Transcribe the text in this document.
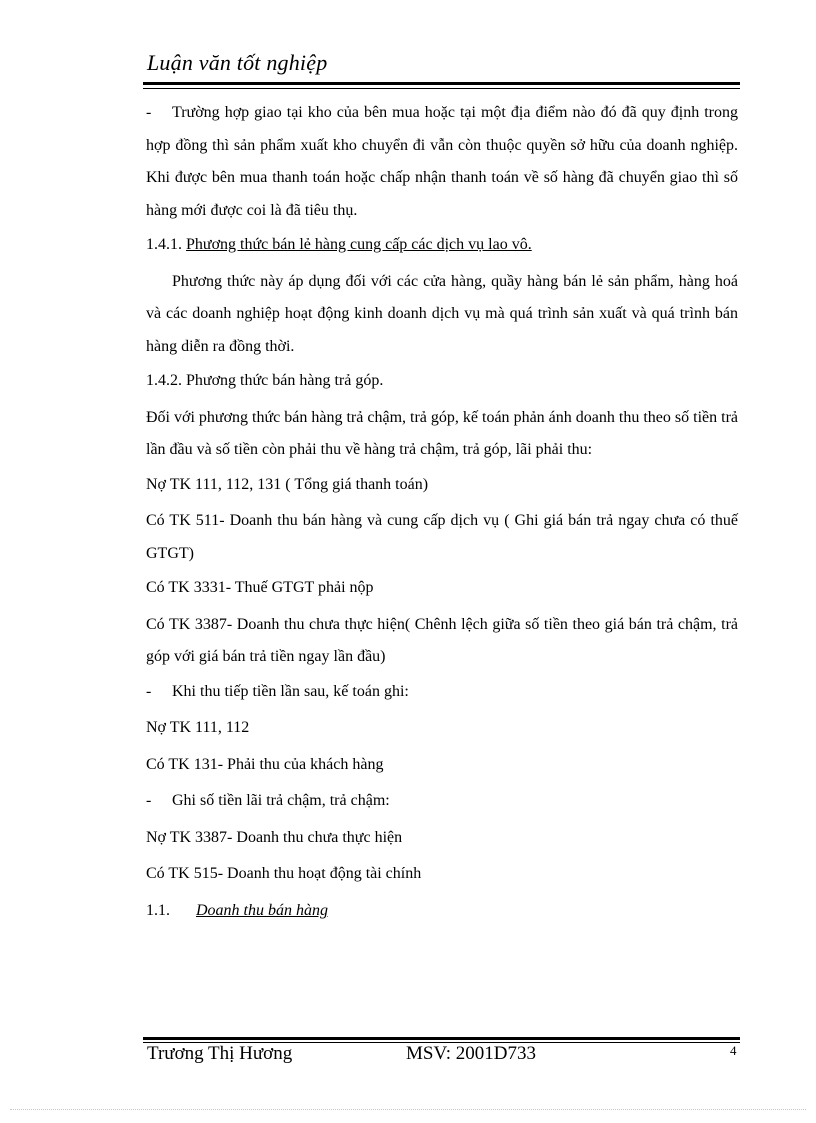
Luận văn tốt nghiệp

- Trường hợp giao tại kho của bên mua hoặc tại một địa điểm nào đó đã quy định trong hợp đồng thì sản phẩm xuất kho chuyển đi vẫn còn thuộc quyền sở hữu của doanh nghiệp. Khi được bên mua thanh toán hoặc chấp nhận thanh toán về số hàng đã chuyển giao thì số hàng mới được coi là đã tiêu thụ.

1.4.1. Phương thức bán lẻ hàng cung cấp các dịch vụ lao vô.

Phương thức này áp dụng đối với các cửa hàng, quầy hàng bán lẻ sản phẩm, hàng hoá và các doanh nghiệp hoạt động kinh doanh dịch vụ mà quá trình sản xuất và quá trình bán hàng diễn ra đồng thời.

1.4.2. Phương thức bán hàng trả góp.

Đối với phương thức bán hàng trả chậm, trả góp, kế toán phản ánh doanh thu theo số tiền trả lần đầu và số tiền còn phải thu về hàng trả chậm, trả góp, lãi phải thu:

Nợ TK 111, 112, 131 ( Tổng giá thanh toán)

Có TK 511- Doanh thu bán hàng và cung cấp dịch vụ ( Ghi giá bán trả ngay chưa có thuế GTGT)

Có TK 3331- Thuế GTGT phải nộp

Có TK 3387- Doanh thu chưa thực hiện( Chênh lệch giữa số tiền theo giá bán trả chậm, trả góp với giá bán trả tiền ngay lần đầu)

- Khi thu tiếp tiền lần sau, kế toán ghi:

Nợ TK 111, 112

Có TK 131- Phải thu của khách hàng

- Ghi số tiền lãi trả chậm, trả chậm:

Nợ TK 3387- Doanh thu chưa thực hiện

Có TK 515- Doanh thu hoạt động tài chính

1.1. Doanh thu bán hàng

Trương Thị Hương	MSV: 2001D733	4
